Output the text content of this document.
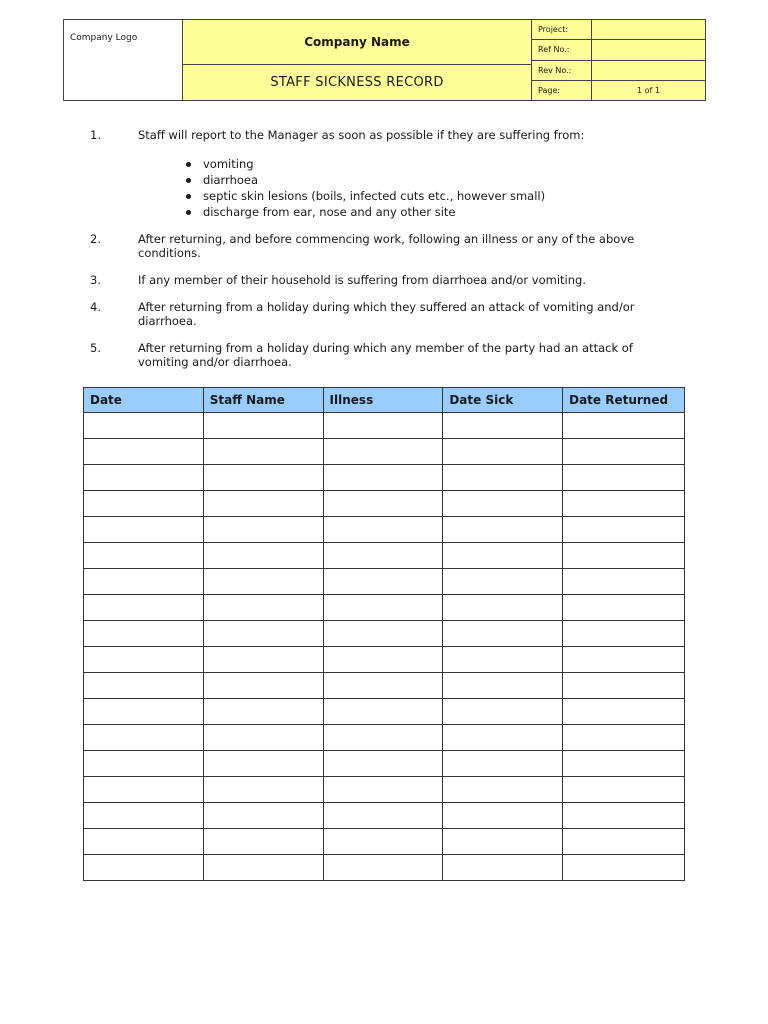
Company Logo	Company Name
STAFF SICKNESS RECORD
Project:
Ref No.:
Rev No.:
Page:	1 of 1
1.	Staff will report to the Manager as soon as possible if they are suffering from:
vomiting
diarrhoea
septic skin lesions (boils, infected cuts etc., however small)
discharge from ear, nose and any other site
2.	After returning, and before commencing work, following an illness or any of the above conditions.
3.	If any member of their household is suffering from diarrhoea and/or vomiting.
4.	After returning from a holiday during which they suffered an attack of vomiting and/or diarrhoea.
5.	After returning from a holiday during which any member of the party had an attack of vomiting and/or diarrhoea.
Date	Staff Name	Illness	Date Sick	Date Returned
